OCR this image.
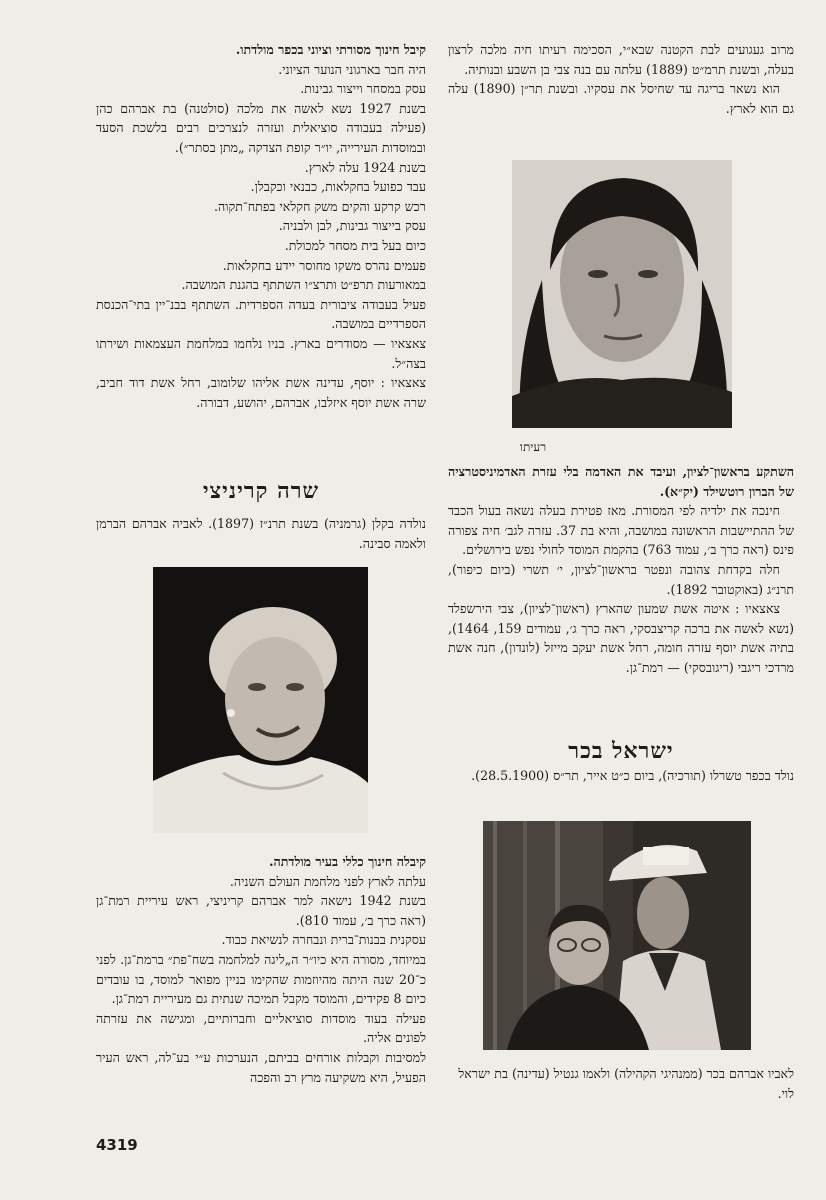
מרוב געגועים לבת הקטנה שבא״י, הסכימה רעיתו חיה מלכה לרצון בעלה, ובשנת תרמ״ט (1889) עלתה עם בנה צבי בן השבע ובנותיה.

הוא נשאר בריגה עד שחיסל את עסקיו. ובשנת תר״ן (1890) עלה גם הוא לארץ.

רעיתו

השתקע בראשון־לציון, ועיבד את האדמה בלי עזרת האדמיניסטרציה של הברון רוטשילד (יק״א).

חינכה את ילדיה לפי המסורת. מאז פטירת בעלה נשאה בעול הכבד של ההתיישבות הראשונה במושבה, והיא בת 37. עזרה לגב׳ חיה צפורה פינס (ראה כרך ב׳, עמוד 763) בהקמת המוסד לחולי נפש בירושלים.

חלה בקדחת צהובה ונפטר בראשון־לציון, י׳ תשרי (ביום כיפור), תרנ״ג (באוקטובר 1892).

צאצאיו : איטה אשת שמעון שהארץ (ראשון־לציון), צבי הירשפלד (נשא לאשה את ברכה קריצבסקי, ראה כרך ג׳, עמודים 159, 1464), בתיה אשת יוסף עזרה חומה, רחל אשת יעקב מייזל (לונדון), חנה אשת מרדכי ריגבי (ריגובסקי) — רמת־גן.

ישראל בכר

נולד בכפר טשרלו (תורכיה), ביום כ״ט אייר, תר״ס (28.5.1900).

לאביו אברהם בכר (ממנהיגי הקהילה) ולאמו גנטיל (עדינה) בת ישראל לוי.

קיבל חינוך מסורתי וציוני בכפר מולדתו.

היה חבר בארגוני הנוער הציוני.

עסק במסחר וייצור גבינות.

בשנת 1927 נשא לאשה את מלכה (סולטנה) בת אברהם כהן (פעילה בעבודה סוציאלית ועזרה לנצרכים רבים בלשכת הסעד ובמוסדות העירייה, יו״ר קופת הצדקה „מתן בסתר״).

בשנת 1924 עלה לארץ.

עבד כפועל בחקלאות, כבנאי וכקבלן.

רכש קרקע והקים משק חקלאי בפתח־תקוה.

עסק בייצור גבינות, לבן ולבניה.

כיום בעל בית מסחר למכולת.

פעמים נהרס משקו מחוסר יידע בחקלאות.

במאורעות תרפ״ט ותרצ״ו השתתף בהגנת המושבה.

פעיל בעבודה ציבורית בעדה הספרדית. השתתף בבנ־יין בתי־הכנסת הספרדיים במושבה.

צאצאיו — מסודרים בארץ. בניו נלחמו במלחמת העצמאות ושירתו בצה״ל.

צאצאיו : יוסף, עדינה אשת אליהו שלומוב, רחל אשת דוד חביב, שרה אשת יוסף איזלבו, אברהם, יהושע, דבורה.

שרה קריניצי

נולדה בקלן (גרמניה) בשנת תרנ״ז (1897). לאביה אברהם הברמן ולאמה סבינה.

קיבלה חינוך כללי בעיר מולדתה.

עלתה לארץ לפני מלחמת העולם השניה.

בשנת 1942 נישאה למר אברהם קריניצי, ראש עיריית רמת־גן (ראה כרך ב׳, עמוד 810).

עסקנית בבנות־ברית ונבחרה לנשיאת כבוד.

במיוחד, מסורה היא כיו״ר ה„ליגה למלחמה בשח־פת״ ברמת־גן. לפני כ־20 שנה היתה מהיוזמות שהקימו בניין מפואר למוסד, בו עובדים כיום 8 פקידים, והמוסד מקבל תמיכה שנתית גם מעיריית רמת־גן.

פעילה בעוד מוסדות סוציאליים וחברותיים, ומגישה את עזרתה לפונים אליה.

למסיבות וקבלות אורחים בביתם, הנערכות ע״י בע־לה, ראש העיר הפעיל, היא משקיעה מרץ רב והפכה

4319
